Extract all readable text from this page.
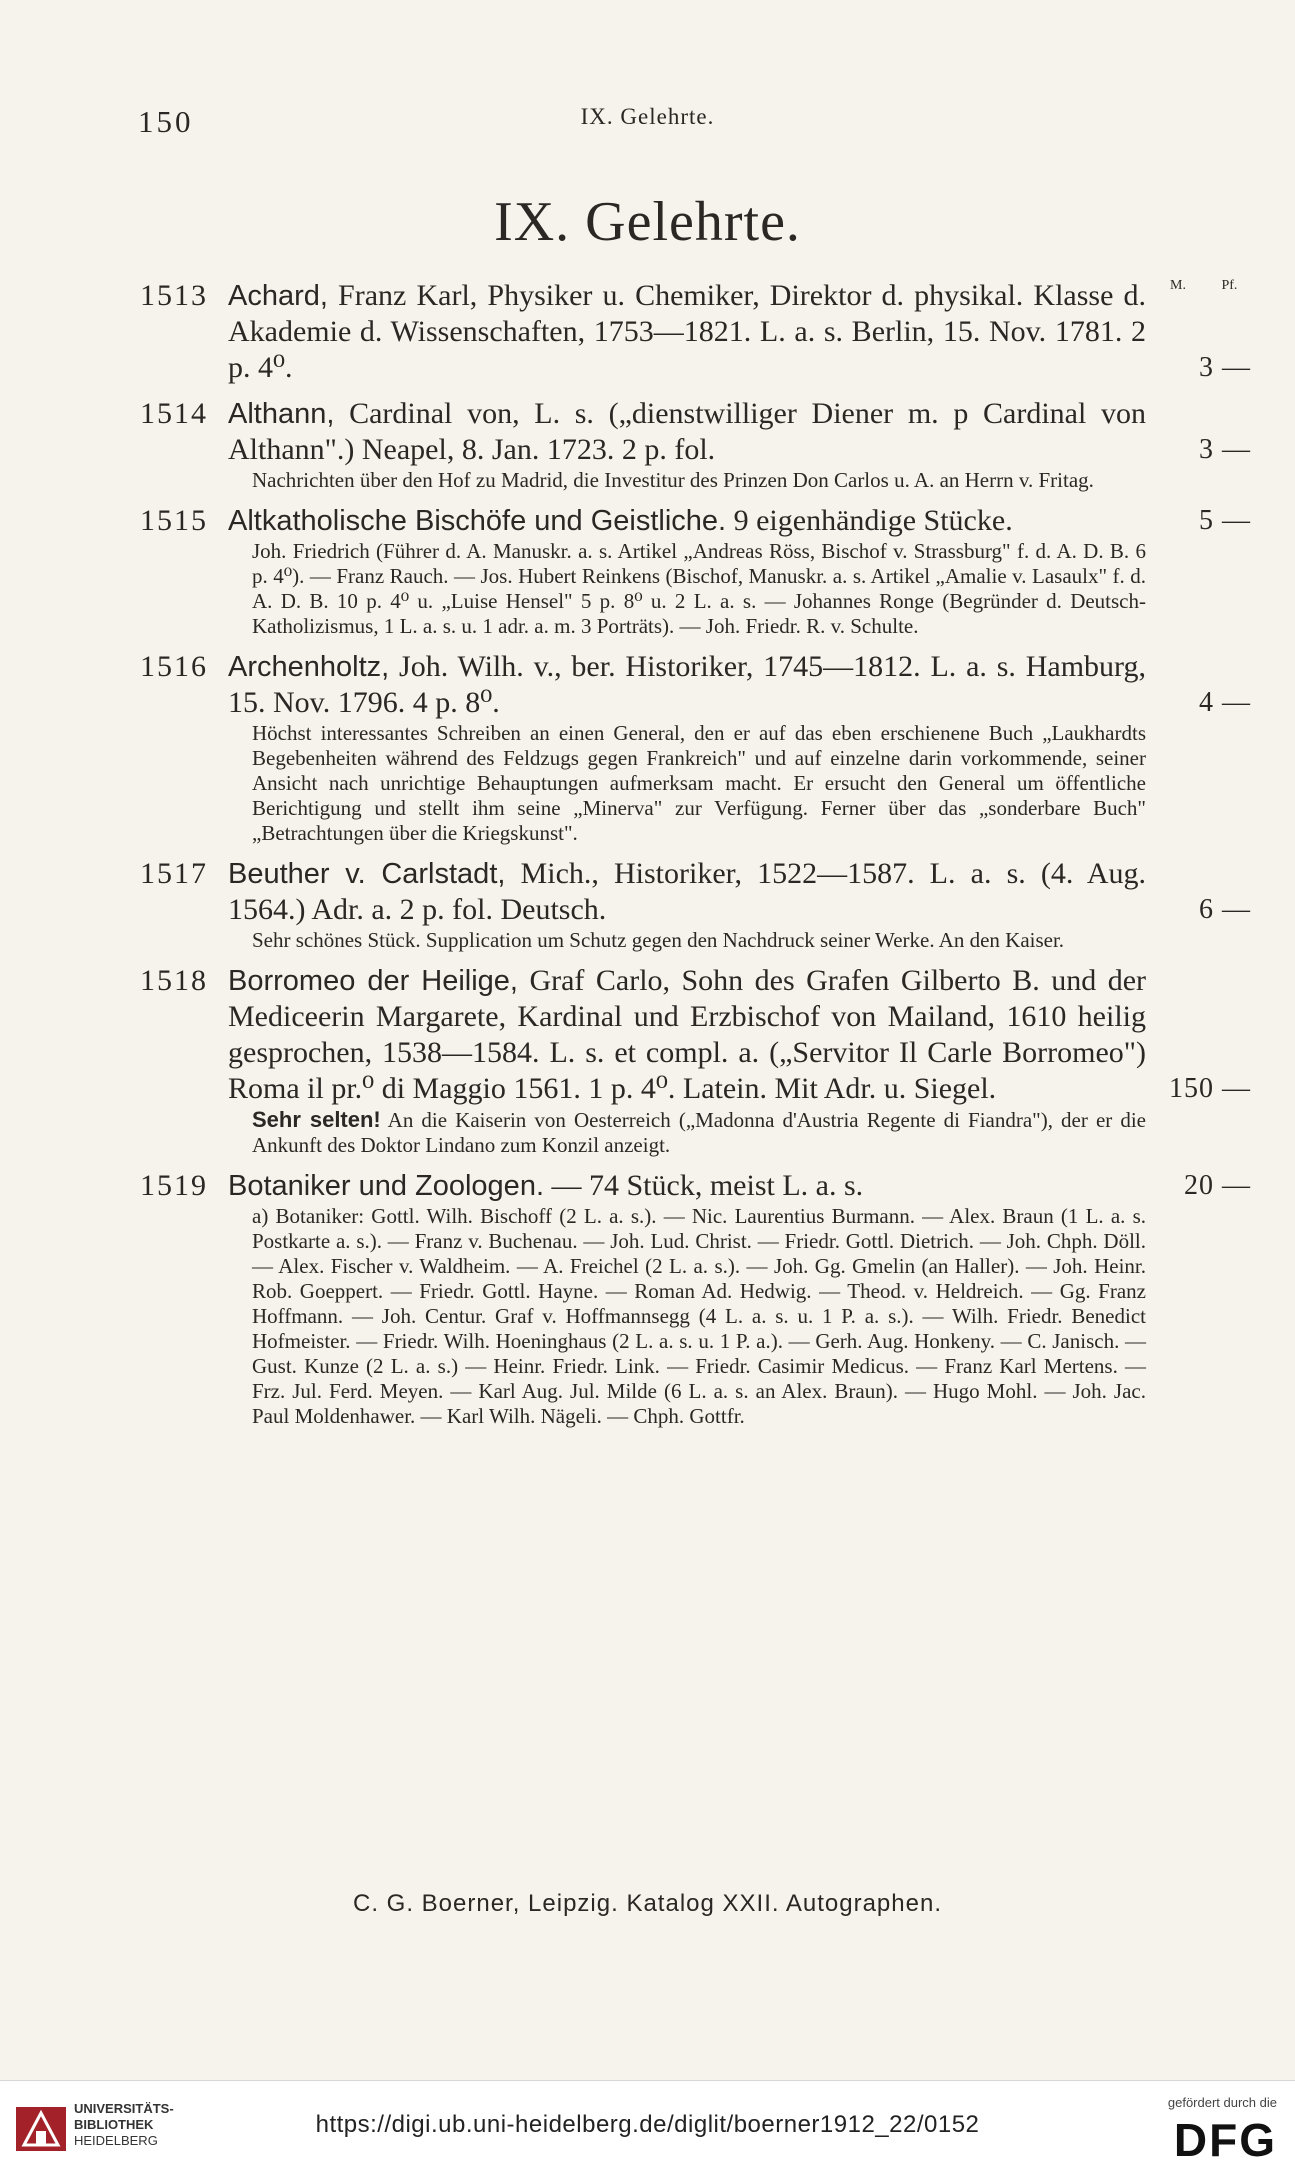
150	IX. Gelehrte.
IX. Gelehrte.
M.	Pf.
1513 Achard, Franz Karl, Physiker u. Chemiker, Direktor d. physikal. Klasse d. Akademie d. Wissenschaften, 1753—1821. L. a. s. Berlin, 15. Nov. 1781. 2 p. 4⁰.	3 —
1514 Althann, Cardinal von, L. s. („dienstwilliger Diener m. p Cardinal von Althann".) Neapel, 8. Jan. 1723. 2 p. fol.	3 —
Nachrichten über den Hof zu Madrid, die Investitur des Prinzen Don Carlos u. A. an Herrn v. Fritag.
1515 Altkatholische Bischöfe und Geistliche. 9 eigenhändige Stücke.	5 —
Joh. Friedrich (Führer d. A. Manuskr. a. s. Artikel „Andreas Röss, Bischof v. Strassburg" f. d. A. D. B. 6 p. 4⁰). — Franz Rauch. — Jos. Hubert Reinkens (Bischof, Manuskr. a. s. Artikel „Amalie v. Lasaulx" f. d. A. D. B. 10 p. 4⁰ u. „Luise Hensel" 5 p. 8⁰ u. 2 L. a. s. — Johannes Ronge (Begründer d. Deutsch-Katholizismus, 1 L. a. s. u. 1 adr. a. m. 3 Porträts). — Joh. Friedr. R. v. Schulte.
1516 Archenholtz, Joh. Wilh. v., ber. Historiker, 1745—1812. L. a. s. Hamburg, 15. Nov. 1796. 4 p. 8⁰.	4 —
Höchst interessantes Schreiben an einen General, den er auf das eben erschienene Buch „Laukhardts Begebenheiten während des Feldzugs gegen Frankreich" und auf einzelne darin vorkommende, seiner Ansicht nach unrichtige Behauptungen aufmerksam macht. Er ersucht den General um öffentliche Berichtigung und stellt ihm seine „Minerva" zur Verfügung. Ferner über das „sonderbare Buch" „Betrachtungen über die Kriegskunst".
1517 Beuther v. Carlstadt, Mich., Historiker, 1522—1587. L. a. s. (4. Aug. 1564.) Adr. a. 2 p. fol. Deutsch.	6 —
Sehr schönes Stück. Supplication um Schutz gegen den Nachdruck seiner Werke. An den Kaiser.
1518 Borromeo der Heilige, Graf Carlo, Sohn des Grafen Gilberto B. und der Mediceerin Margarete, Kardinal und Erzbischof von Mailand, 1610 heilig gesprochen, 1538—1584. L. s. et compl. a. („Servitor Il Carle Borromeo") Roma il pr.⁰ di Maggio 1561. 1 p. 4⁰. Latein. Mit Adr. u. Siegel.	150 —
Sehr selten! An die Kaiserin von Oesterreich („Madonna d'Austria Regente di Fiandra"), der er die Ankunft des Doktor Lindano zum Konzil anzeigt.
1519 Botaniker und Zoologen. — 74 Stück, meist L. a. s.	20 —
a) Botaniker: Gottl. Wilh. Bischoff (2 L. a. s.). — Nic. Laurentius Burmann. — Alex. Braun (1 L. a. s. Postkarte a. s.). — Franz v. Buchenau. — Joh. Lud. Christ. — Friedr. Gottl. Dietrich. — Joh. Chph. Döll. — Alex. Fischer v. Waldheim. — A. Freichel (2 L. a. s.). — Joh. Gg. Gmelin (an Haller). — Joh. Heinr. Rob. Goeppert. — Friedr. Gottl. Hayne. — Roman Ad. Hedwig. — Theod. v. Heldreich. — Gg. Franz Hoffmann. — Joh. Centur. Graf v. Hoffmannsegg (4 L. a. s. u. 1 P. a. s.). — Wilh. Friedr. Benedict Hofmeister. — Friedr. Wilh. Hoeninghaus (2 L. a. s. u. 1 P. a.). — Gerh. Aug. Honkeny. — C. Janisch. — Gust. Kunze (2 L. a. s.) — Heinr. Friedr. Link. — Friedr. Casimir Medicus. — Franz Karl Mertens. — Frz. Jul. Ferd. Meyen. — Karl Aug. Jul. Milde (6 L. a. s. an Alex. Braun). — Hugo Mohl. — Joh. Jac. Paul Moldenhawer. — Karl Wilh. Nägeli. — Chph. Gottfr.
C. G. Boerner, Leipzig. Katalog XXII. Autographen.
UNIVERSITÄTS-
BIBLIOTHEK
HEIDELBERG
https://digi.ub.uni-heidelberg.de/diglit/boerner1912_22/0152
gefördert durch die
DFG
